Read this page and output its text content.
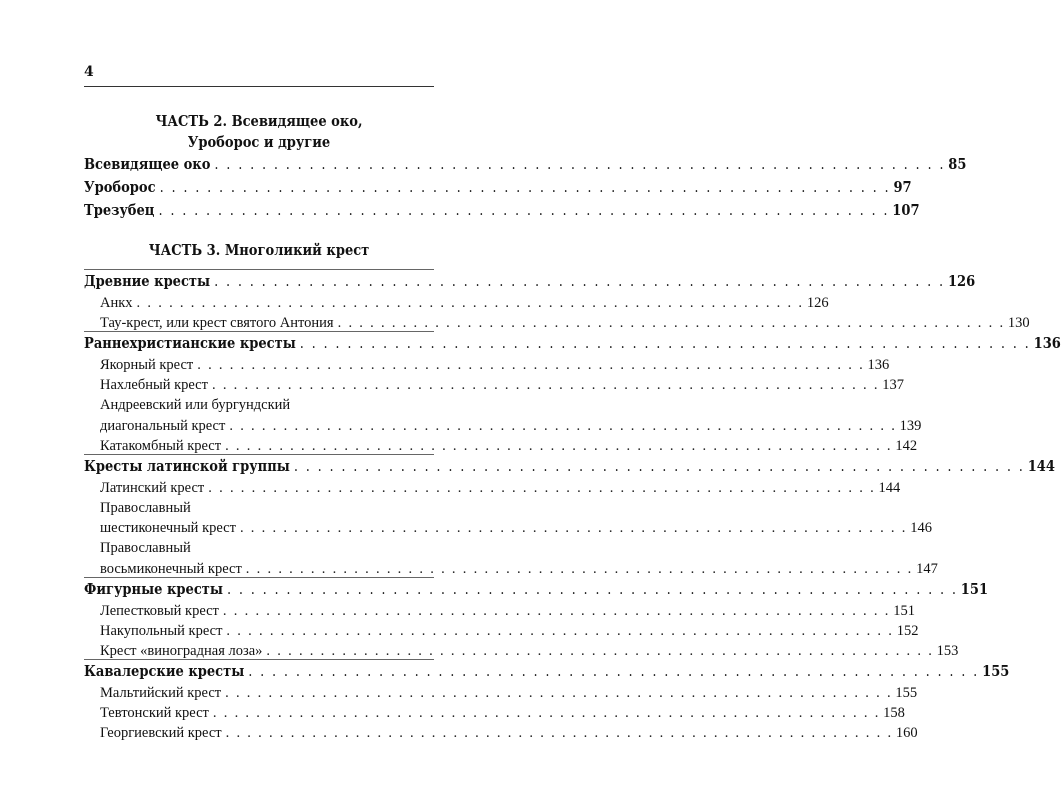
4
ЧАСТЬ 2. Всевидящее око,
Уроборос и другие
Всевидящее око . . . . . . . . . . . . . . . . . . . . . . . . . . . . . . . . . . . . . . . . . . . . . . . . . . . . . . . . . . . . . . 85
Уроборос . . . . . . . . . . . . . . . . . . . . . . . . . . . . . . . . . . . . . . . . . . . . . . . . . . . . . . . . . . . . . . 97
Трезубец . . . . . . . . . . . . . . . . . . . . . . . . . . . . . . . . . . . . . . . . . . . . . . . . . . . . . . . . . . . . . . 107
ЧАСТЬ 3. Многоликий крест
Древние кресты . . . . . . . . . . . . . . . . . . . . . . . . . . . . . . . . . . . . . . . . . . . . . . . . . . . . . . . . . . . . . . 126
Анкх . . . . . . . . . . . . . . . . . . . . . . . . . . . . . . . . . . . . . . . . . . . . . . . . . . . . . . . . . . . . . . 126
Тау-крест, или крест святого Антония . . . . . . . . . . . . . . . . . . . . . . . . . . . . . . . . . . . . . . . . . . . . . . . . . . . . . . . . . . . . . . 130
Раннехристианские кресты . . . . . . . . . . . . . . . . . . . . . . . . . . . . . . . . . . . . . . . . . . . . . . . . . . . . . . . . . . . . . . 136
Якорный крест . . . . . . . . . . . . . . . . . . . . . . . . . . . . . . . . . . . . . . . . . . . . . . . . . . . . . . . . . . . . . . 136
Нахлебный крест . . . . . . . . . . . . . . . . . . . . . . . . . . . . . . . . . . . . . . . . . . . . . . . . . . . . . . . . . . . . . . 137
Андреевский или бургундский
диагональный крест . . . . . . . . . . . . . . . . . . . . . . . . . . . . . . . . . . . . . . . . . . . . . . . . . . . . . . . . . . . . . . 139
Катакомбный крест . . . . . . . . . . . . . . . . . . . . . . . . . . . . . . . . . . . . . . . . . . . . . . . . . . . . . . . . . . . . . . 142
Кресты латинской группы . . . . . . . . . . . . . . . . . . . . . . . . . . . . . . . . . . . . . . . . . . . . . . . . . . . . . . . . . . . . . . 144
Латинский крест . . . . . . . . . . . . . . . . . . . . . . . . . . . . . . . . . . . . . . . . . . . . . . . . . . . . . . . . . . . . . . 144
Православный
шестиконечный крест . . . . . . . . . . . . . . . . . . . . . . . . . . . . . . . . . . . . . . . . . . . . . . . . . . . . . . . . . . . . . . 146
Православный
восьмиконечный крест . . . . . . . . . . . . . . . . . . . . . . . . . . . . . . . . . . . . . . . . . . . . . . . . . . . . . . . . . . . . . . 147
Фигурные кресты . . . . . . . . . . . . . . . . . . . . . . . . . . . . . . . . . . . . . . . . . . . . . . . . . . . . . . . . . . . . . . 151
Лепестковый крест . . . . . . . . . . . . . . . . . . . . . . . . . . . . . . . . . . . . . . . . . . . . . . . . . . . . . . . . . . . . . . 151
Накупольный крест . . . . . . . . . . . . . . . . . . . . . . . . . . . . . . . . . . . . . . . . . . . . . . . . . . . . . . . . . . . . . . 152
Крест «виноградная лоза» . . . . . . . . . . . . . . . . . . . . . . . . . . . . . . . . . . . . . . . . . . . . . . . . . . . . . . . . . . . . . . 153
Кавалерские кресты . . . . . . . . . . . . . . . . . . . . . . . . . . . . . . . . . . . . . . . . . . . . . . . . . . . . . . . . . . . . . . 155
Мальтийский крест . . . . . . . . . . . . . . . . . . . . . . . . . . . . . . . . . . . . . . . . . . . . . . . . . . . . . . . . . . . . . . 155
Тевтонский крест . . . . . . . . . . . . . . . . . . . . . . . . . . . . . . . . . . . . . . . . . . . . . . . . . . . . . . . . . . . . . . 158
Георгиевский крест . . . . . . . . . . . . . . . . . . . . . . . . . . . . . . . . . . . . . . . . . . . . . . . . . . . . . . . . . . . . . . 160
